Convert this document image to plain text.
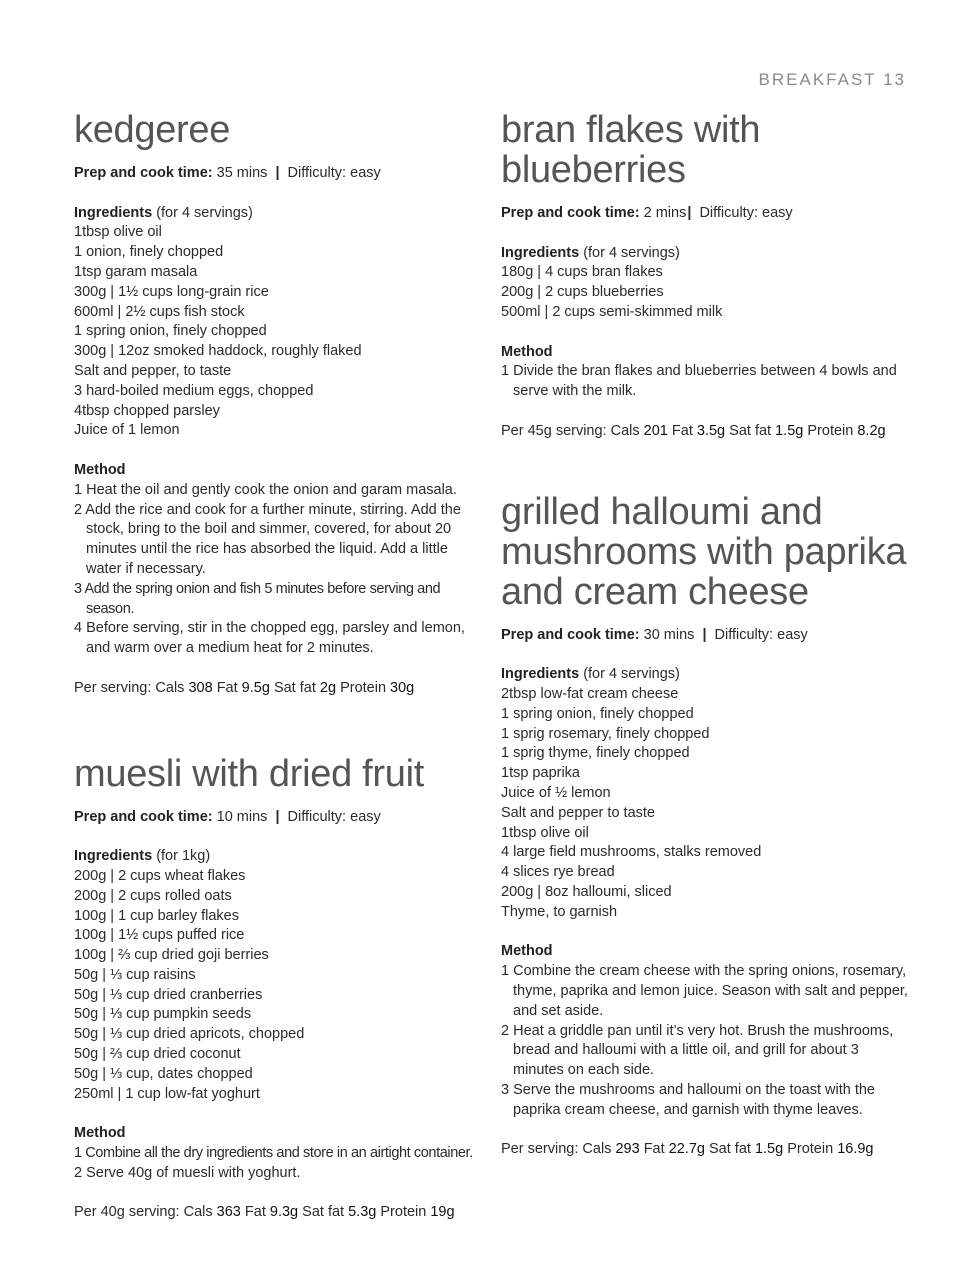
BREAKFAST 13
kedgeree
Prep and cook time: 35 mins | Difficulty: easy
Ingredients (for 4 servings)
1tbsp olive oil
1 onion, finely chopped
1tsp garam masala
300g | 1½ cups long-grain rice
600ml | 2½ cups fish stock
1 spring onion, finely chopped
300g | 12oz smoked haddock, roughly flaked
Salt and pepper, to taste
3 hard-boiled medium eggs, chopped
4tbsp chopped parsley
Juice of 1 lemon
Method
1 Heat the oil and gently cook the onion and garam masala.
2 Add the rice and cook for a further minute, stirring. Add the stock, bring to the boil and simmer, covered, for about 20 minutes until the rice has absorbed the liquid. Add a little water if necessary.
3 Add the spring onion and fish 5 minutes before serving and season.
4 Before serving, stir in the chopped egg, parsley and lemon, and warm over a medium heat for 2 minutes.
Per serving: Cals 308 Fat 9.5g Sat fat 2g Protein 30g
muesli with dried fruit
Prep and cook time: 10 mins | Difficulty: easy
Ingredients (for 1kg)
200g | 2 cups wheat flakes
200g | 2 cups rolled oats
100g | 1 cup barley flakes
100g | 1½ cups puffed rice
100g | ⅔ cup dried goji berries
50g | ⅓ cup raisins
50g | ⅓ cup dried cranberries
50g | ⅓ cup pumpkin seeds
50g | ⅓ cup dried apricots, chopped
50g | ⅔ cup dried coconut
50g | ⅓ cup, dates chopped
250ml | 1 cup low-fat yoghurt
Method
1 Combine all the dry ingredients and store in an airtight container.
2 Serve 40g of muesli with yoghurt.
Per 40g serving: Cals 363 Fat 9.3g Sat fat 5.3g Protein 19g
bran flakes with
blueberries
Prep and cook time: 2 mins| Difficulty: easy
Ingredients (for 4 servings)
180g | 4 cups bran flakes
200g | 2 cups blueberries
500ml | 2 cups semi-skimmed milk
Method
1 Divide the bran flakes and blueberries between 4 bowls and serve with the milk.
Per 45g serving: Cals 201 Fat 3.5g Sat fat 1.5g Protein 8.2g
grilled halloumi and
mushrooms with paprika
and cream cheese
Prep and cook time: 30 mins | Difficulty: easy
Ingredients (for 4 servings)
2tbsp low-fat cream cheese
1 spring onion, finely chopped
1 sprig rosemary, finely chopped
1 sprig thyme, finely chopped
1tsp paprika
Juice of ½ lemon
Salt and pepper to taste
1tbsp olive oil
4 large field mushrooms, stalks removed
4 slices rye bread
200g | 8oz halloumi, sliced
Thyme, to garnish
Method
1 Combine the cream cheese with the spring onions, rosemary, thyme, paprika and lemon juice. Season with salt and pepper, and set aside.
2 Heat a griddle pan until it’s very hot. Brush the mushrooms, bread and halloumi with a little oil, and grill for about 3 minutes on each side.
3 Serve the mushrooms and halloumi on the toast with the paprika cream cheese, and garnish with thyme leaves.
Per serving: Cals 293 Fat 22.7g Sat fat 1.5g Protein 16.9g
